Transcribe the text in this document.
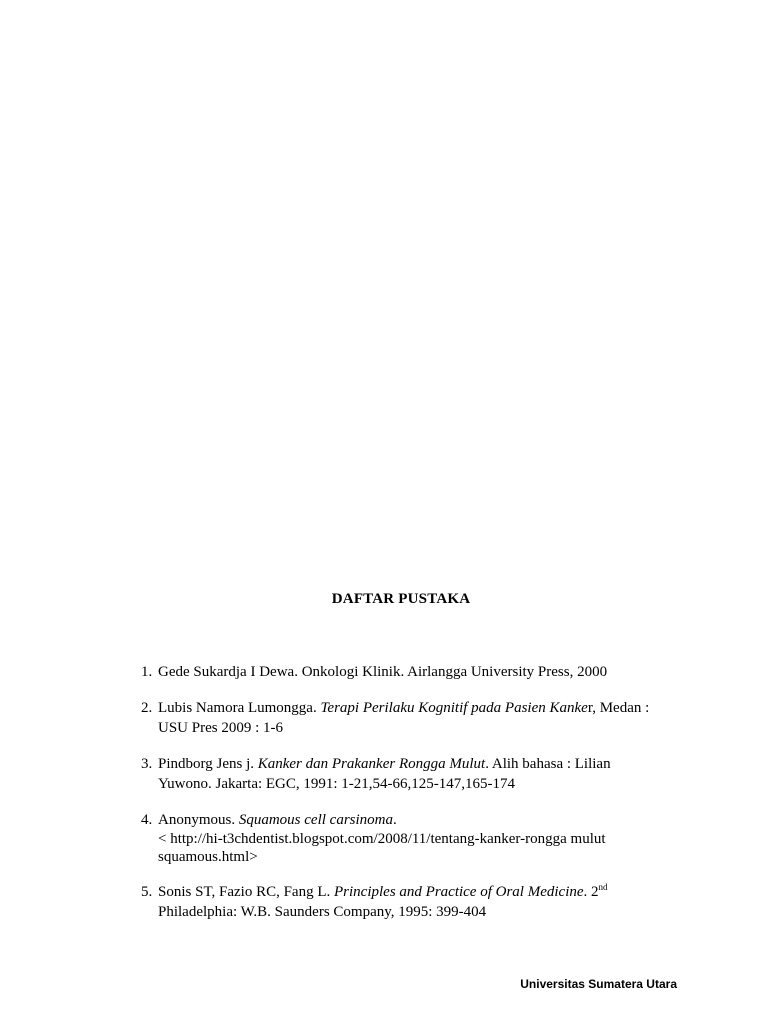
DAFTAR PUSTAKA
1. Gede Sukardja I Dewa. Onkologi Klinik. Airlangga University Press, 2000
2. Lubis Namora Lumongga. Terapi Perilaku Kognitif pada Pasien Kanker, Medan :
USU Pres 2009 : 1-6
3. Pindborg Jens j. Kanker dan Prakanker Rongga Mulut. Alih bahasa : Lilian
Yuwono. Jakarta: EGC, 1991: 1-21,54-66,125-147,165-174
4. Anonymous. Squamous cell carsinoma.
< http://hi-t3chdentist.blogspot.com/2008/11/tentang-kanker-rongga mulut
squamous.html>
5. Sonis ST, Fazio RC, Fang L. Principles and Practice of Oral Medicine. 2nd
Philadelphia: W.B. Saunders Company, 1995: 399-404
Universitas Sumatera Utara
